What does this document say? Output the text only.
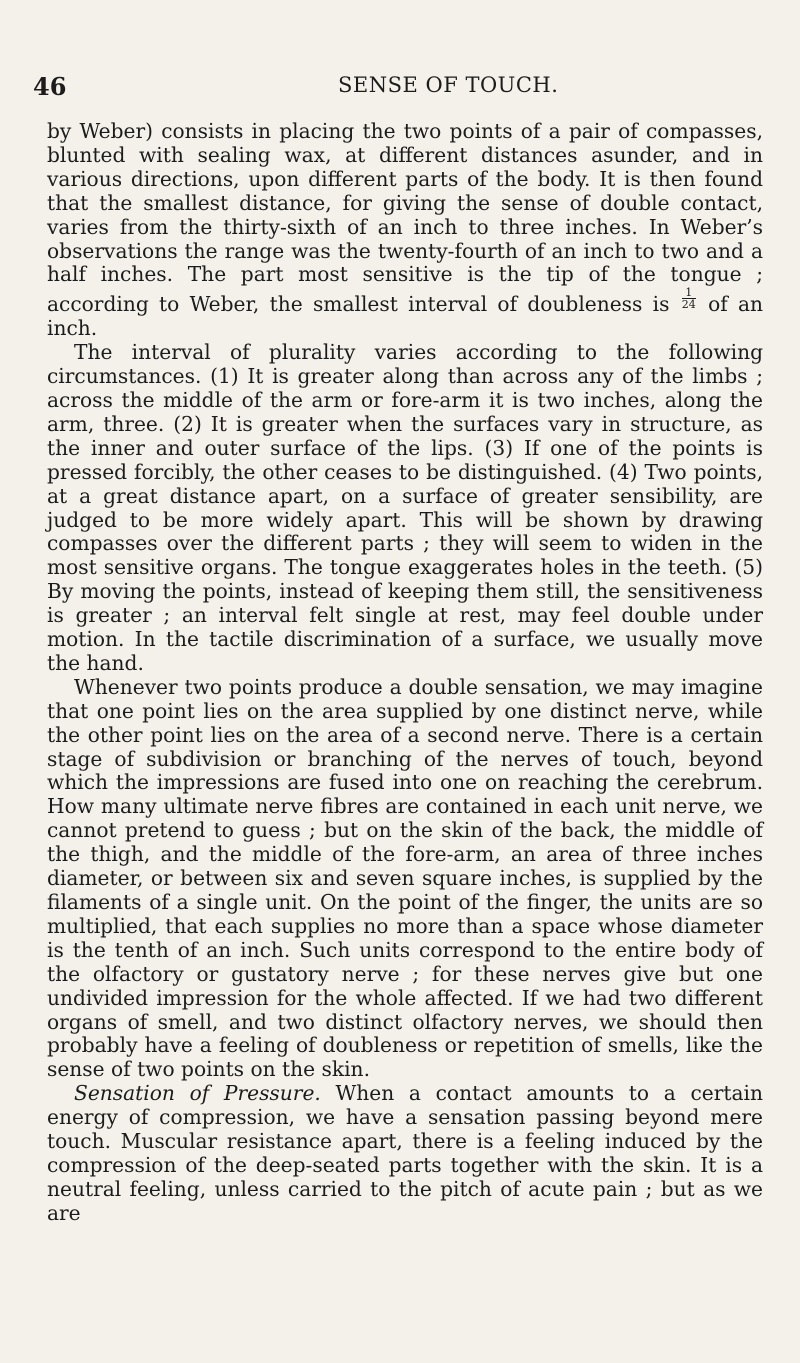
46	SENSE OF TOUCH.

by Weber) consists in placing the two points of a pair of compasses, blunted with sealing wax, at different distances asunder, and in various directions, upon different parts of the body. It is then found that the smallest distance, for giving the sense of double contact, varies from the thirty-sixth of an inch to three inches. In Weber’s observations the range was the twenty-fourth of an inch to two and a half inches. The part most sensitive is the tip of the tongue ; according to Weber, the smallest interval of doubleness is $\frac{1}{24}$ of an inch.

The interval of plurality varies according to the following circumstances. (1) It is greater along than across any of the limbs ; across the middle of the arm or fore-arm it is two inches, along the arm, three. (2) It is greater when the surfaces vary in structure, as the inner and outer surface of the lips. (3) If one of the points is pressed forcibly, the other ceases to be distinguished. (4) Two points, at a great distance apart, on a surface of greater sensibility, are judged to be more widely apart. This will be shown by drawing compasses over the different parts ; they will seem to widen in the most sensitive organs. The tongue exaggerates holes in the teeth. (5) By moving the points, instead of keeping them still, the sensitiveness is greater ; an interval felt single at rest, may feel double under motion. In the tactile discrimination of a surface, we usually move the hand.

Whenever two points produce a double sensation, we may imagine that one point lies on the area supplied by one distinct nerve, while the other point lies on the area of a second nerve. There is a certain stage of subdivision or branching of the nerves of touch, beyond which the impressions are fused into one on reaching the cerebrum. How many ultimate nerve fibres are contained in each unit nerve, we cannot pretend to guess ; but on the skin of the back, the middle of the thigh, and the middle of the fore-arm, an area of three inches diameter, or between six and seven square inches, is supplied by the filaments of a single unit. On the point of the finger, the units are so multiplied, that each supplies no more than a space whose diameter is the tenth of an inch. Such units correspond to the entire body of the olfactory or gustatory nerve ; for these nerves give but one undivided impression for the whole affected. If we had two different organs of smell, and two distinct olfactory nerves, we should then probably have a feeling of doubleness or repetition of smells, like the sense of two points on the skin.

Sensation of Pressure. When a contact amounts to a certain energy of compression, we have a sensation passing beyond mere touch. Muscular resistance apart, there is a feeling induced by the compression of the deep-seated parts together with the skin. It is a neutral feeling, unless carried to the pitch of acute pain ; but as we are
